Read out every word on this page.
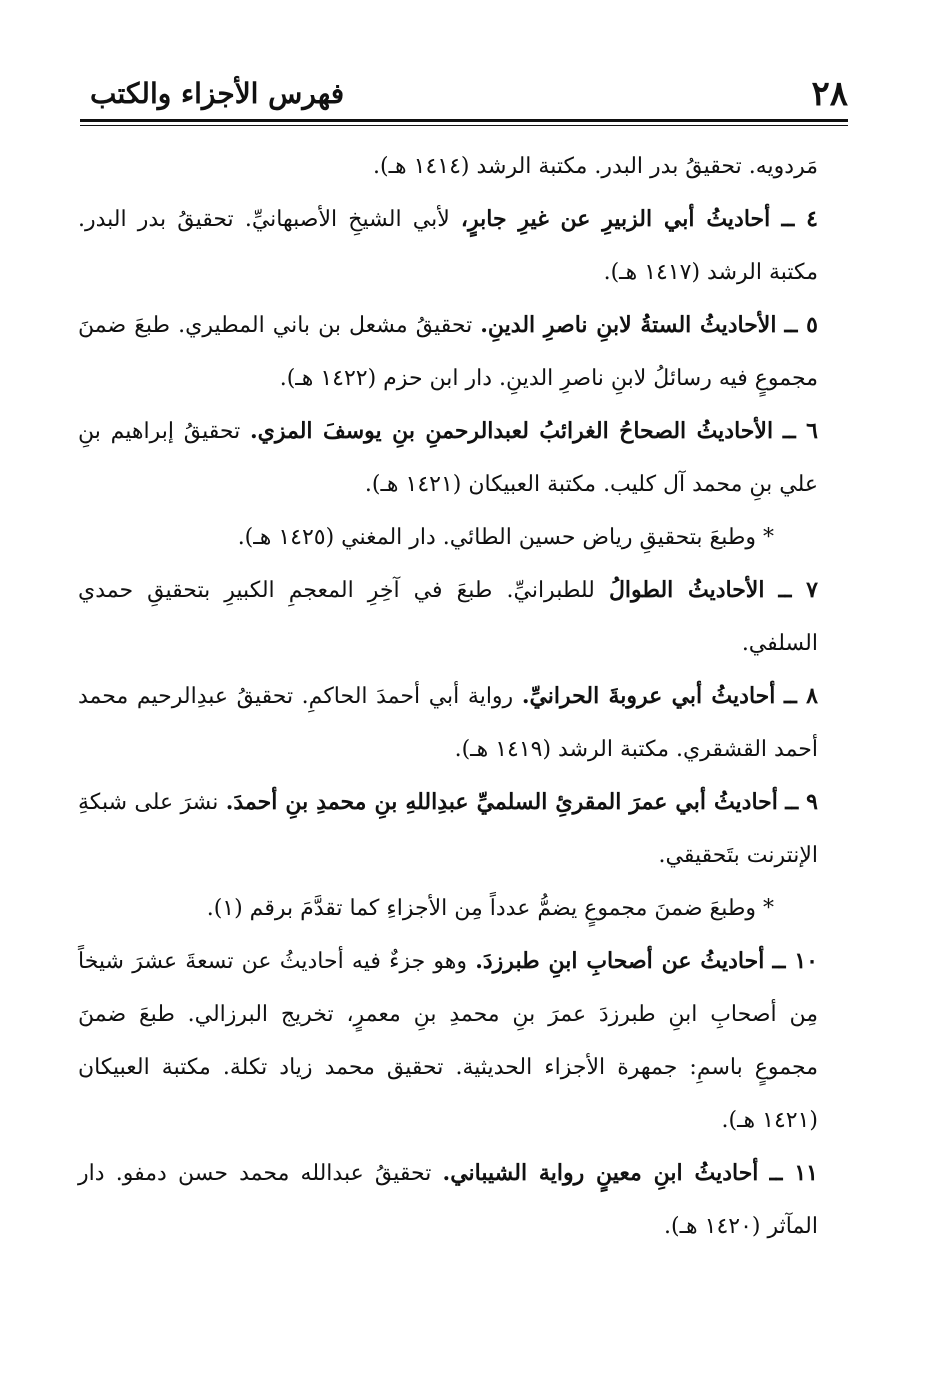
٢٨
فهرس الأجزاء والكتب

مَردويه. تحقيقُ بدر البدر. مكتبة الرشد (١٤١٤ هـ).

٤ ــ أحاديثُ أبي الزبيرِ عن غيرِ جابرٍ، لأبي الشيخِ الأصبهانيِّ. تحقيقُ بدر البدر. مكتبة الرشد (١٤١٧ هـ).

٥ ــ الأحاديثُ الستةُ لابنِ ناصرِ الدينِ. تحقيقُ مشعل بن باني المطيري. طبعَ ضمنَ مجموعٍ فيه رسائلُ لابنِ ناصرِ الدينِ. دار ابن حزم (١٤٢٢ هـ).

٦ ــ الأحاديثُ الصحاحُ الغرائبُ لعبدالرحمنِ بنِ يوسفَ المزي. تحقيقُ إبراهيم بنِ علي بنِ محمد آل كليب. مكتبة العبيكان (١٤٢١ هـ).

* وطبعَ بتحقيقِ رياض حسين الطائي. دار المغني (١٤٢٥ هـ).

٧ ــ الأحاديثُ الطوالُ للطبرانيِّ. طبعَ في آخِرِ المعجمِ الكبيرِ بتحقيقِ حمدي السلفي.

٨ ــ أحاديثُ أبي عروبةَ الحرانيِّ. رواية أبي أحمدَ الحاكمِ. تحقيقُ عبدِالرحيم محمد أحمد القشقري. مكتبة الرشد (١٤١٩ هـ).

٩ ــ أحاديثُ أبي عمرَ المقرئِ السلميِّ عبدِاللهِ بنِ محمدِ بنِ أحمدَ. نشرَ على شبكةِ الإنترنت بتَحقيقي.

* وطبعَ ضمنَ مجموعٍ يضمُّ عدداً مِن الأجزاءِ كما تقدَّمَ برقم (١).

١٠ ــ أحاديثُ عن أصحابِ ابنِ طبرزدَ. وهو جزءٌ فيه أحاديثُ عن تسعةَ عشرَ شيخاً مِن أصحابِ ابنِ طبرزدَ عمرَ بنِ محمدِ بنِ معمرٍ، تخريج البرزالي. طبعَ ضمنَ مجموعٍ باسمِ: جمهرة الأجزاء الحديثية. تحقيق محمد زياد تكلة. مكتبة العبيكان (١٤٢١ هـ).

١١ ــ أحاديثُ ابنِ معينٍ رواية الشيباني. تحقيقُ عبدالله محمد حسن دمفو. دار المآثر (١٤٢٠ هـ).
